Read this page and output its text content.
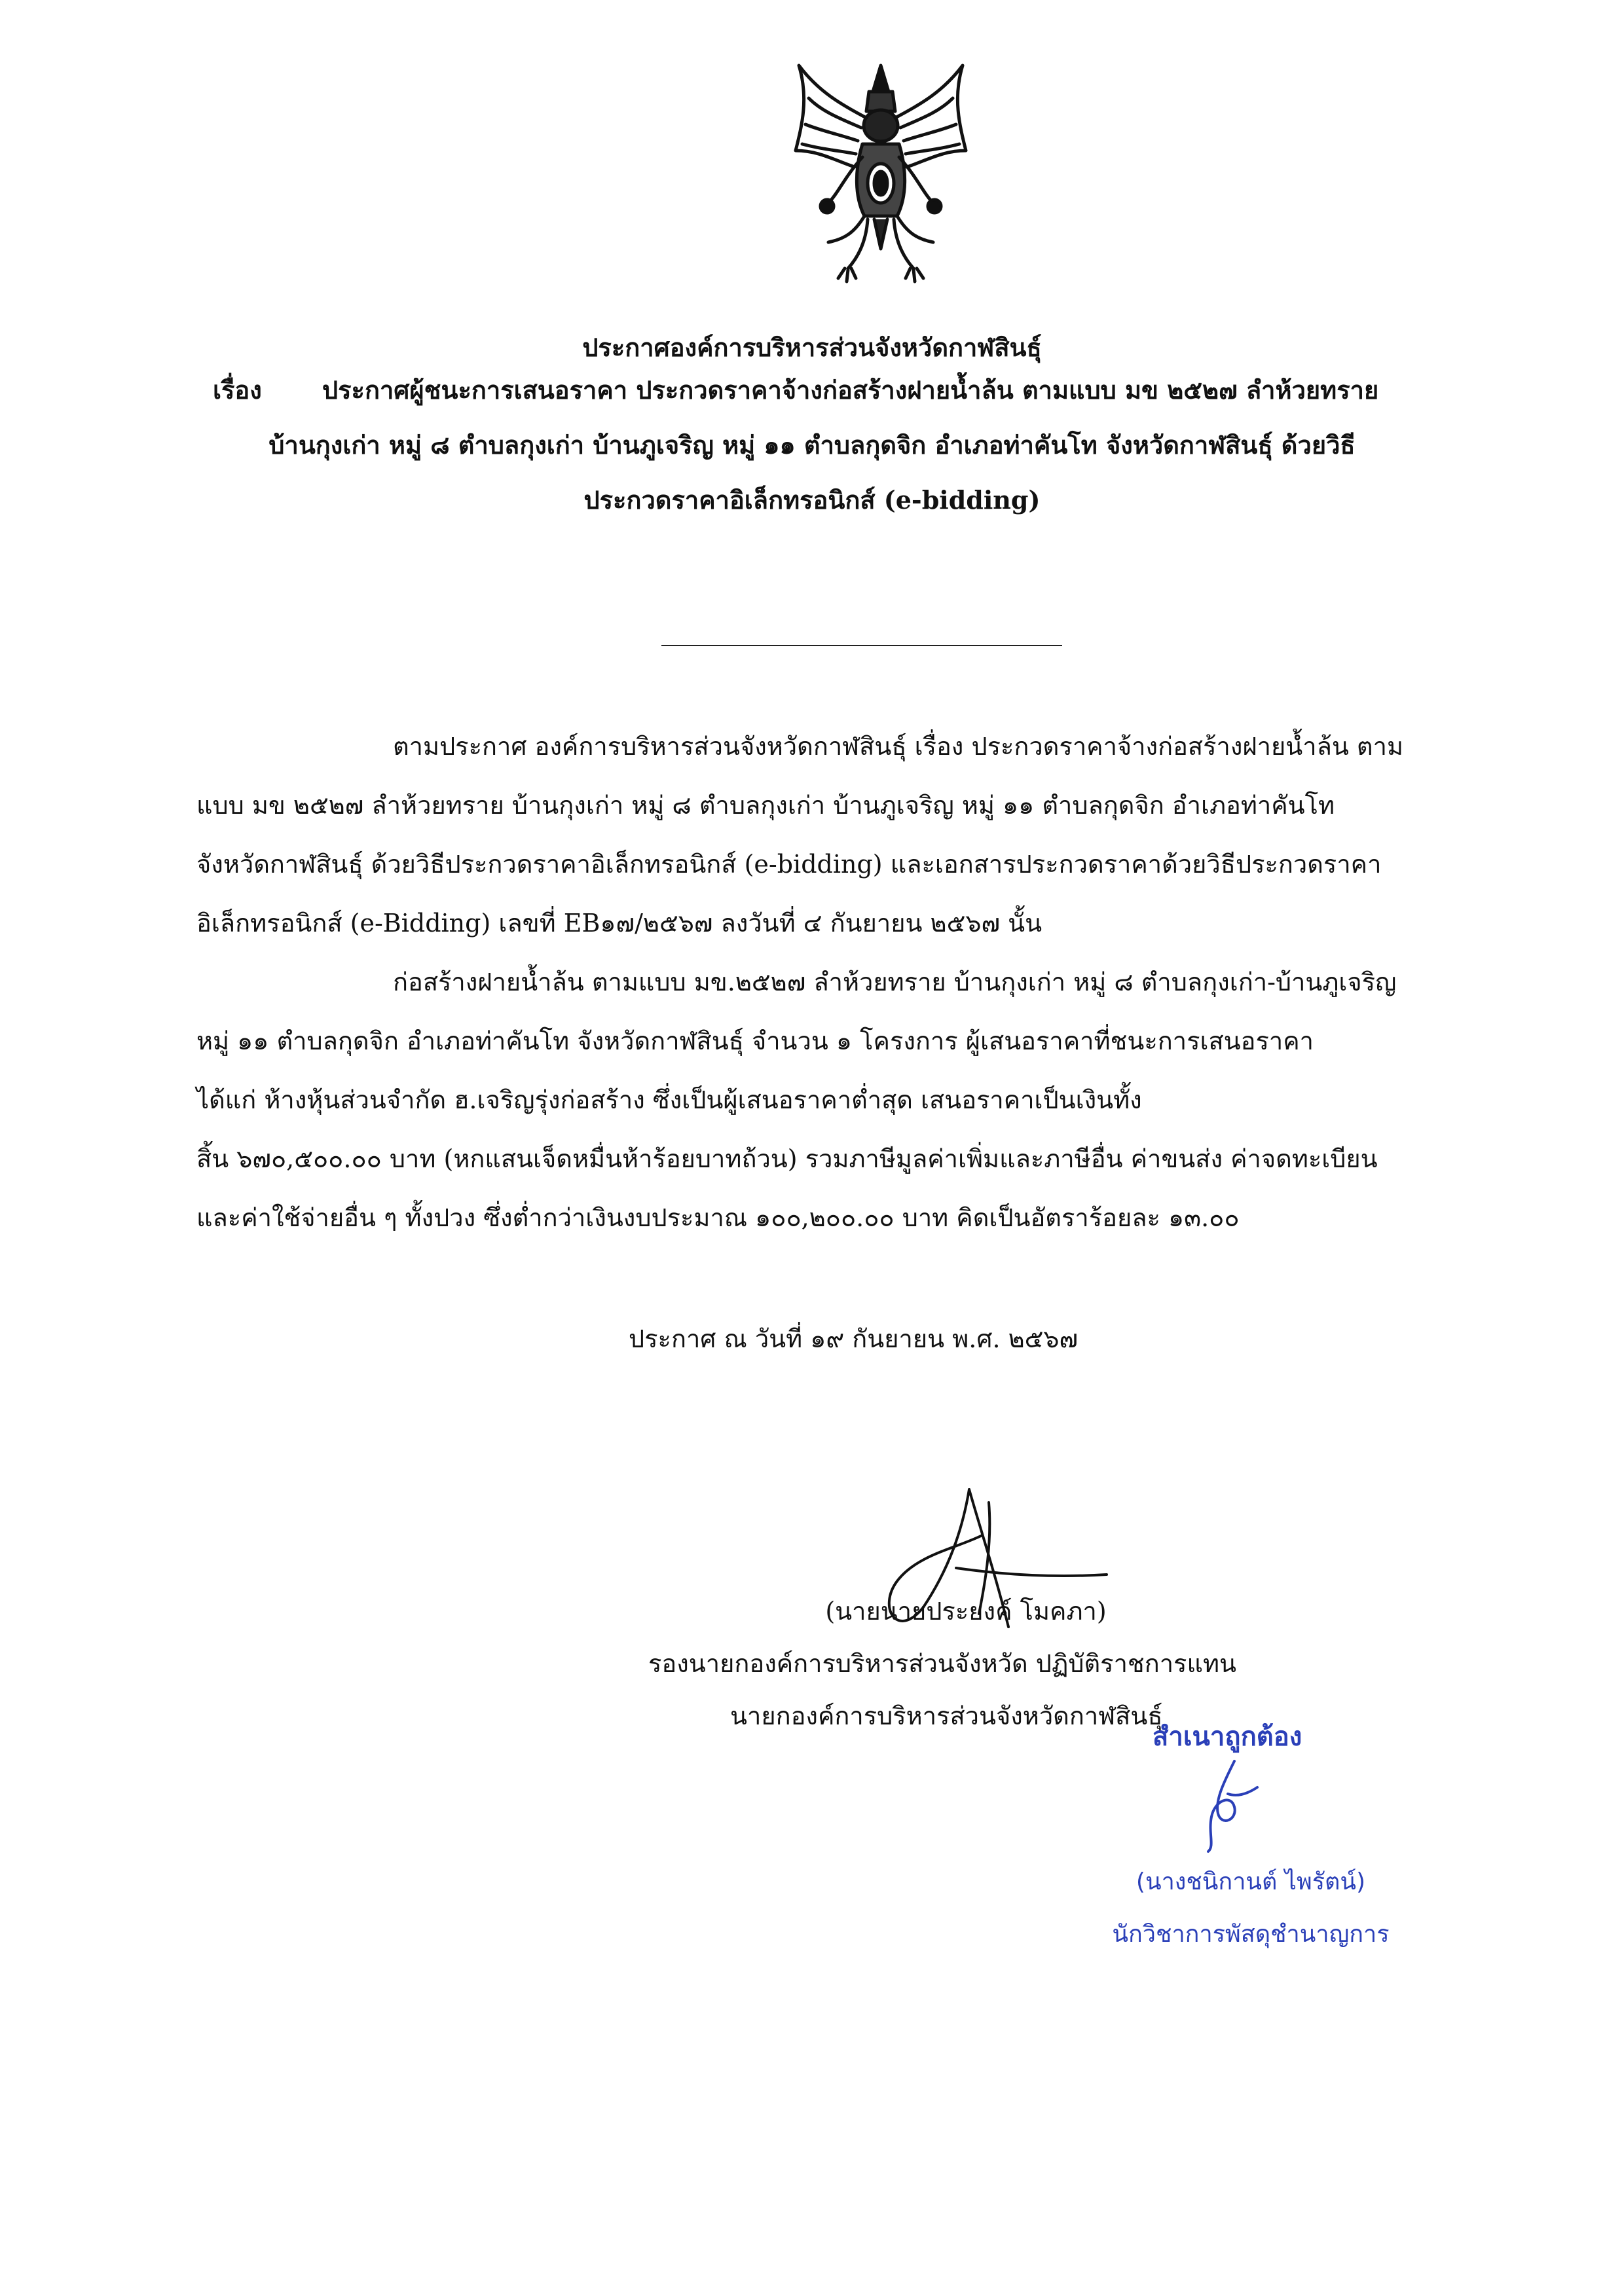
ประกาศองค์การบริหารส่วนจังหวัดกาฬสินธุ์
เรื่อง ประกาศผู้ชนะการเสนอราคา ประกวดราคาจ้างก่อสร้างฝายน้ำล้น ตามแบบ มข ๒๕๒๗ ลำห้วยทราย
บ้านกุงเก่า หมู่ ๘ ตำบลกุงเก่า บ้านภูเจริญ หมู่ ๑๑ ตำบลกุดจิก อำเภอท่าคันโท จังหวัดกาฬสินธุ์ ด้วยวิธี
ประกวดราคาอิเล็กทรอนิกส์ (e-bidding)
ตามประกาศ องค์การบริหารส่วนจังหวัดกาฬสินธุ์ เรื่อง ประกวดราคาจ้างก่อสร้างฝายน้ำล้น ตาม
แบบ มข ๒๕๒๗ ลำห้วยทราย บ้านกุงเก่า หมู่ ๘ ตำบลกุงเก่า บ้านภูเจริญ หมู่ ๑๑ ตำบลกุดจิก อำเภอท่าคันโท
จังหวัดกาฬสินธุ์ ด้วยวิธีประกวดราคาอิเล็กทรอนิกส์ (e-bidding) และเอกสารประกวดราคาด้วยวิธีประกวดราคา
อิเล็กทรอนิกส์ (e-Bidding) เลขที่ EB๑๗/๒๕๖๗ ลงวันที่ ๔ กันยายน ๒๕๖๗ นั้น
ก่อสร้างฝายน้ำล้น ตามแบบ มข.๒๕๒๗ ลำห้วยทราย บ้านกุงเก่า หมู่ ๘ ตำบลกุงเก่า-บ้านภูเจริญ
หมู่ ๑๑ ตำบลกุดจิก อำเภอท่าคันโท จังหวัดกาฬสินธุ์ จำนวน ๑ โครงการ ผู้เสนอราคาที่ชนะการเสนอราคา
ได้แก่ ห้างหุ้นส่วนจำกัด ฮ.เจริญรุ่งก่อสร้าง ซึ่งเป็นผู้เสนอราคาต่ำสุด เสนอราคาเป็นเงินทั้ง
สิ้น ๖๗๐,๕๐๐.๐๐ บาท (หกแสนเจ็ดหมื่นห้าร้อยบาทถ้วน) รวมภาษีมูลค่าเพิ่มและภาษีอื่น ค่าขนส่ง ค่าจดทะเบียน
และค่าใช้จ่ายอื่น ๆ ทั้งปวง ซึ่งต่ำกว่าเงินงบประมาณ ๑๐๐,๒๐๐.๐๐ บาท คิดเป็นอัตราร้อยละ ๑๓.๐๐
ประกาศ ณ วันที่ ๑๙ กันยายน พ.ศ. ๒๕๖๗
(นายนายประยงค์ โมคภา)
รองนายกองค์การบริหารส่วนจังหวัด ปฏิบัติราชการแทน
นายกองค์การบริหารส่วนจังหวัดกาฬสินธุ์
สำเนาถูกต้อง
(นางชนิกานต์ ไพรัตน์)
นักวิชาการพัสดุชำนาญการ
